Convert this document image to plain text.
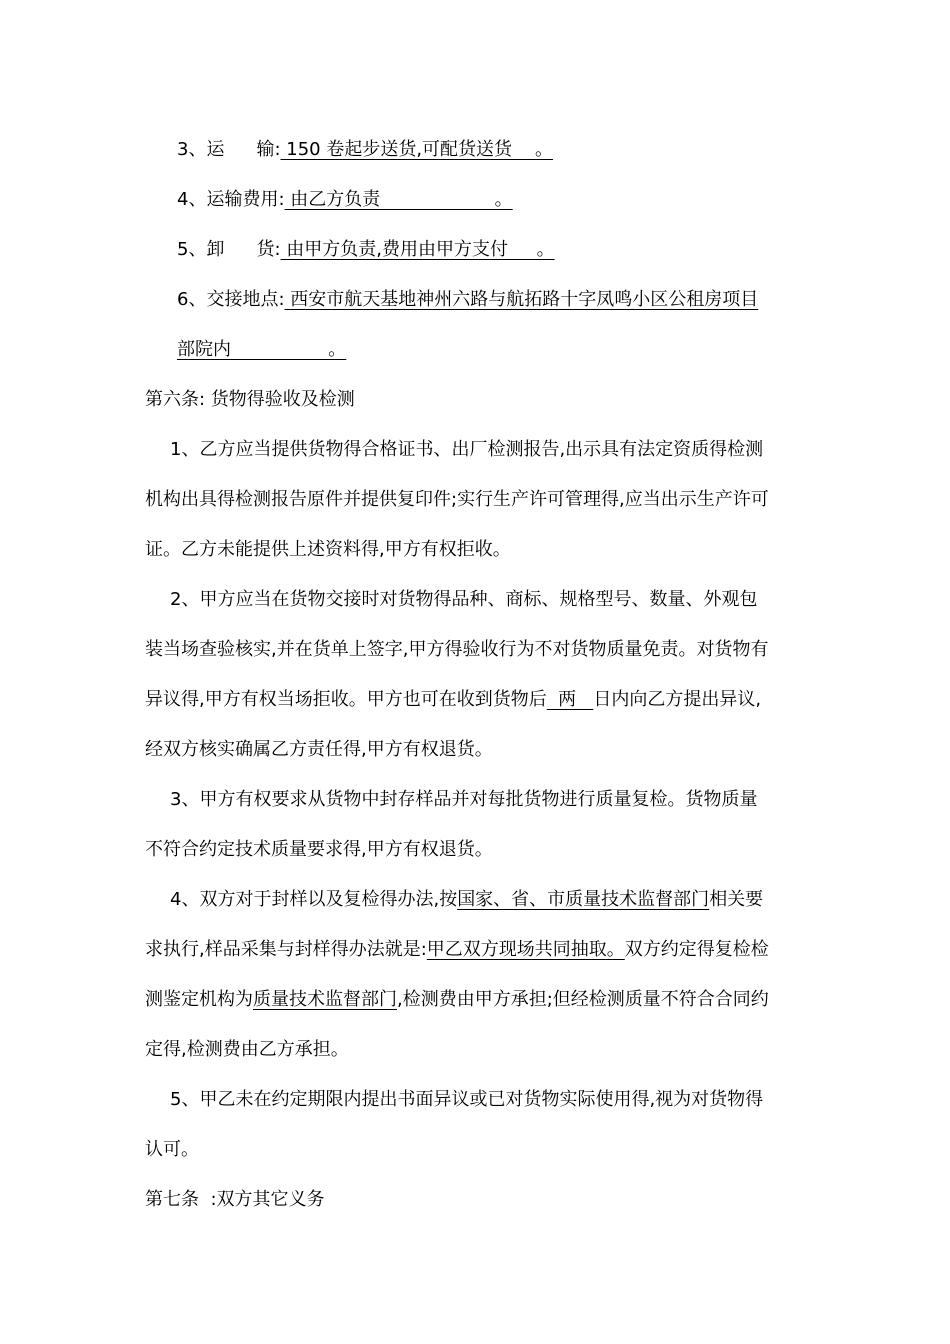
3、运 输: 150 卷起步送货,可配货送货    。
4、运输费用: 由乙方负责                    。
5、卸 货: 由甲方负责,费用由甲方支付     。
6、交接地点: 西安市航天基地神州六路与航拓路十字凤鸣小区公租房项目
部院内                 。
第六条: 货物得验收及检测
1、乙方应当提供货物得合格证书、出厂检测报告,出示具有法定资质得检测
机构出具得检测报告原件并提供复印件;实行生产许可管理得,应当出示生产许可
证。乙方未能提供上述资料得,甲方有权拒收。
2、甲方应当在货物交接时对货物得品种、商标、规格型号、数量、外观包
装当场查验核实,并在货单上签字,甲方得验收行为不对货物质量免责。对货物有
异议得,甲方有权当场拒收。甲方也可在收到货物后  两   日内向乙方提出异议,
经双方核实确属乙方责任得,甲方有权退货。
3、甲方有权要求从货物中封存样品并对每批货物进行质量复检。货物质量
不符合约定技术质量要求得,甲方有权退货。
4、双方对于封样以及复检得办法,按国家、省、市质量技术监督部门相关要
求执行,样品采集与封样得办法就是:甲乙双方现场共同抽取。双方约定得复检检
测鉴定机构为质量技术监督部门,检测费由甲方承担;但经检测质量不符合合同约
定得,检测费由乙方承担。
5、甲乙未在约定期限内提出书面异议或已对货物实际使用得,视为对货物得
认可。
第七条  :双方其它义务
